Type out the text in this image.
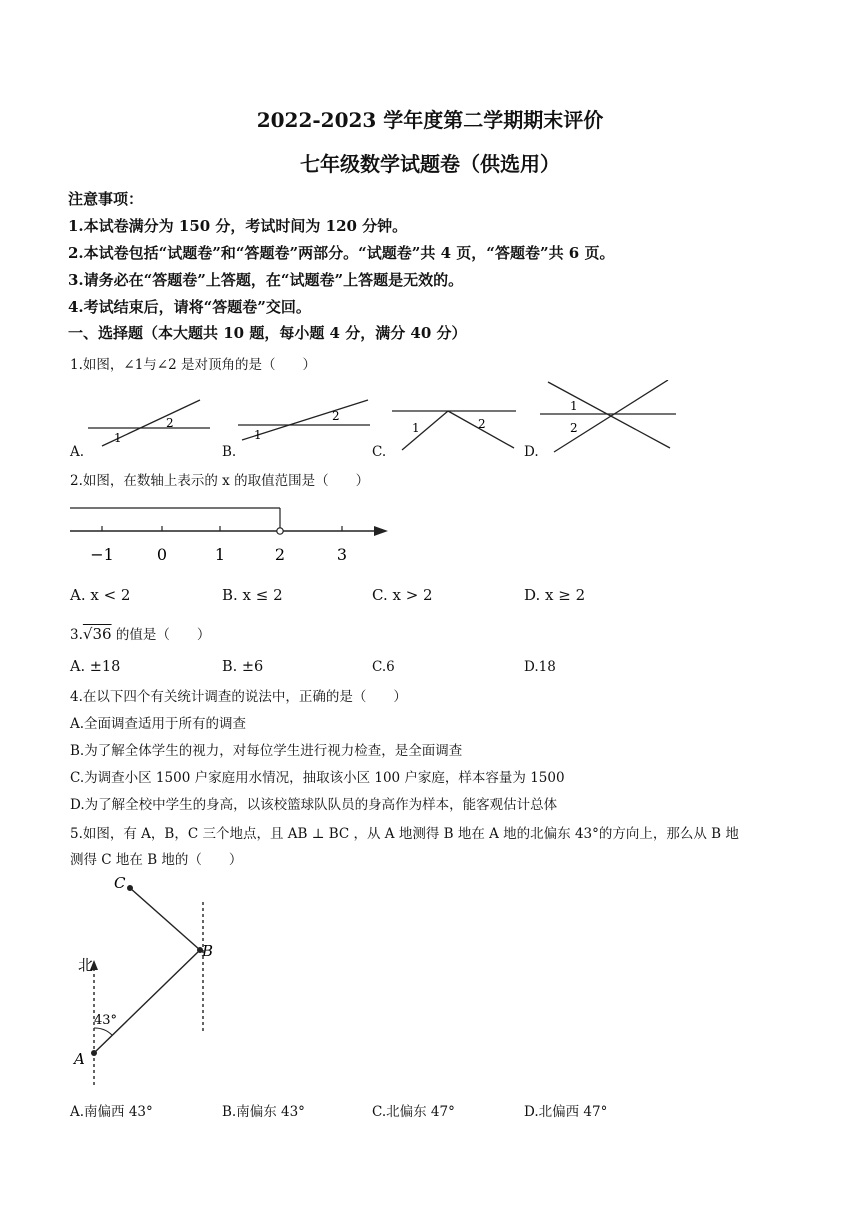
2022-2023 学年度第二学期期末评价
七年级数学试题卷（供选用）
注意事项：
1.本试卷满分为 150 分，考试时间为 120 分钟。
2.本试卷包括“试题卷”和“答题卷”两部分。“试题卷”共 4 页，“答题卷”共 6 页。
3.请务必在“答题卷”上答题，在“试题卷”上答题是无效的。
4.考试结束后，请将“答题卷”交回。
一、选择题（本大题共 10 题，每小题 4 分，满分 40 分）
1.如图，∠1与∠2 是对顶角的是（　　）
1
2
1
2
1	2
1
2
A.	B.	C.	D.
2.如图，在数轴上表示的 x 的取值范围是（　　）
−1	0	1	2	3
A. x < 2	B. x ≤ 2	C. x > 2	D. x ≥ 2
3.√36 的值是（　　）
A. ±18	B. ±6	C.6	D.18
4.在以下四个有关统计调查的说法中，正确的是（　　）
A.全面调查适用于所有的调查
B.为了解全体学生的视力，对每位学生进行视力检查，是全面调查
C.为调查小区 1500 户家庭用水情况，抽取该小区 100 户家庭，样本容量为 1500
D.为了解全校中学生的身高，以该校篮球队队员的身高作为样本，能客观估计总体
5.如图，有 A，B，C 三个地点，且 AB ⊥ BC ，从 A 地测得 B 地在 A 地的北偏东 43°的方向上，那么从 B 地
测得 C 地在 B 地的（　　）
北
43°
A
B
C
A.南偏西 43°	B.南偏东 43°	C.北偏东 47°	D.北偏西 47°
